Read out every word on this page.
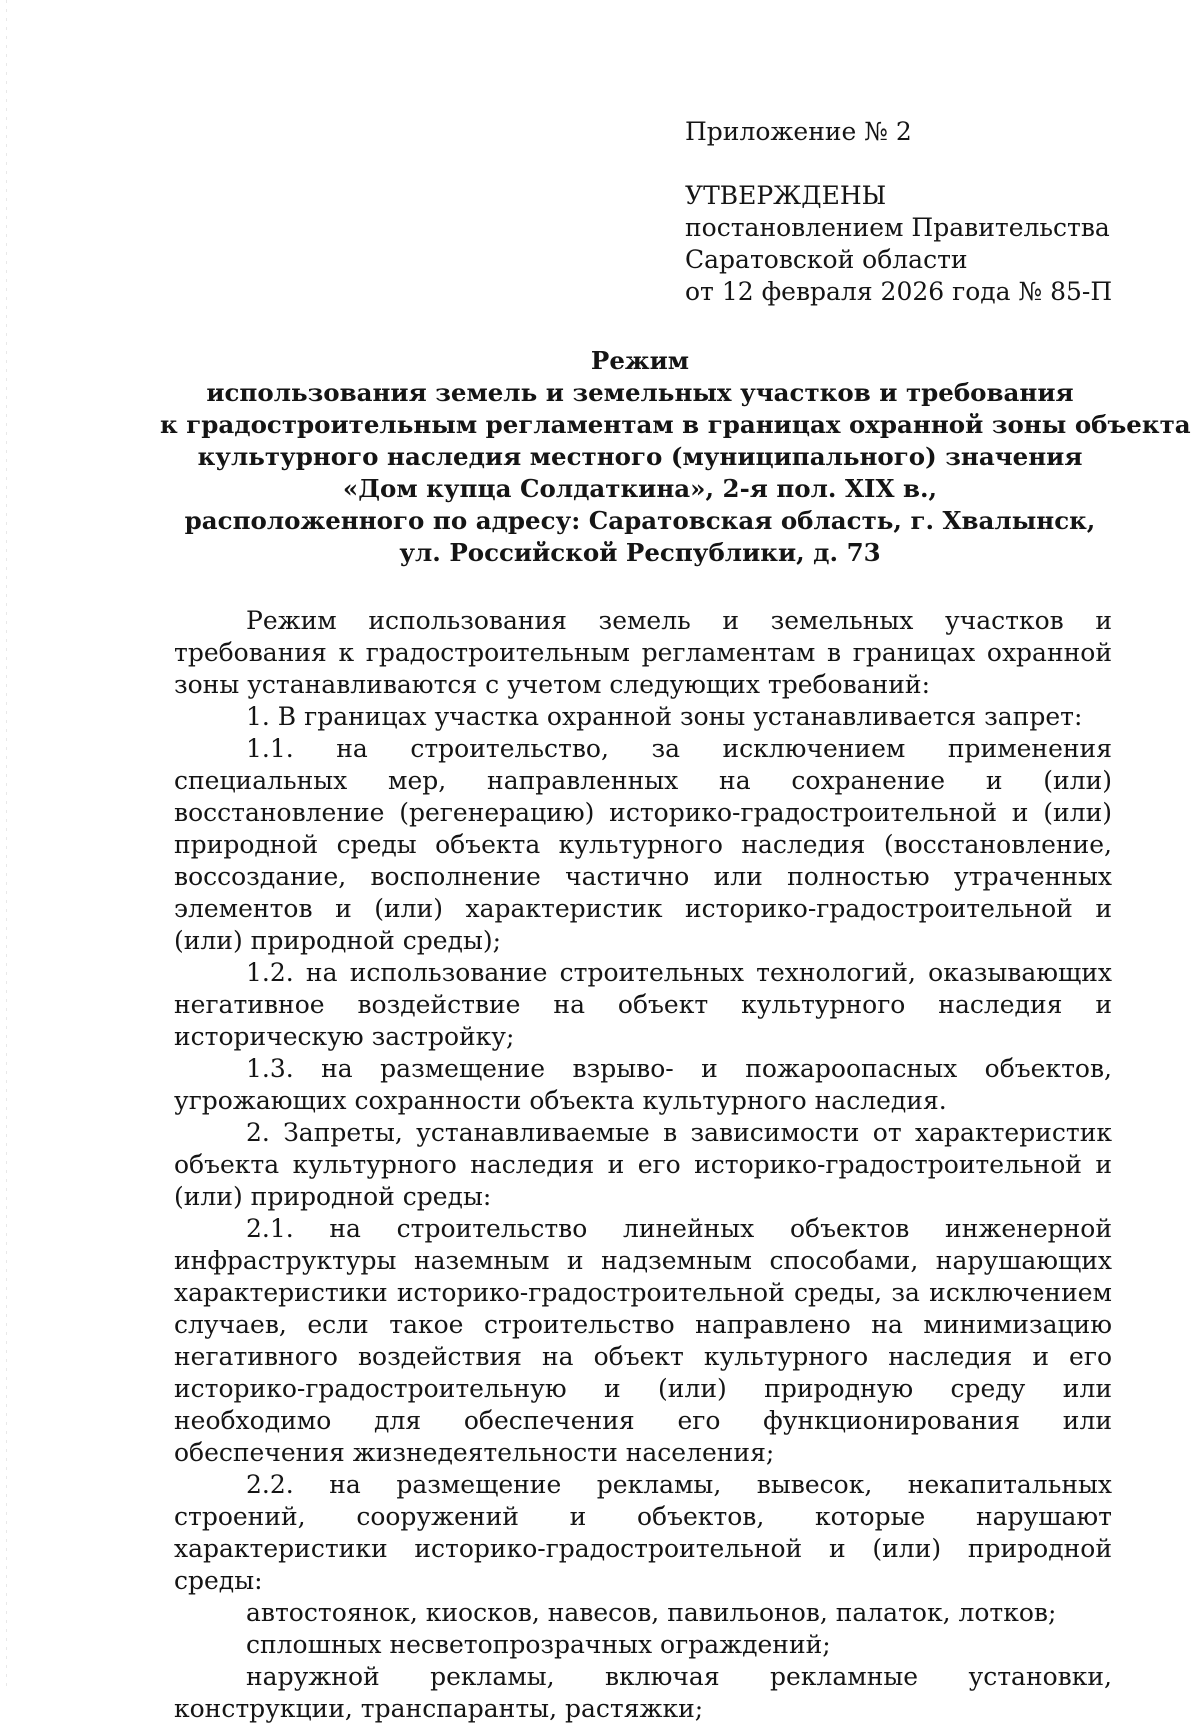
Приложение № 2
УТВЕРЖДЕНЫ
постановлением Правительства
Саратовской области
от 12 февраля 2026 года № 85-П
Режим
использования земель и земельных участков и требования
к градостроительным регламентам в границах охранной зоны объекта
культурного наследия местного (муниципального) значения
«Дом купца Солдаткина», 2-я пол. XIX в.,
расположенного по адресу: Саратовская область, г. Хвалынск,
ул. Российской Республики, д. 73

Режим использования земель и земельных участков и требования к градостроительным регламентам в границах охранной зоны устанавливаются с учетом следующих требований:

1. В границах участка охранной зоны устанавливается запрет:

1.1. на строительство, за исключением применения специальных мер, направленных на сохранение и (или) восстановление (регенерацию) историко-градостроительной и (или) природной среды объекта культурного наследия (восстановление, воссоздание, восполнение частично или полностью утраченных элементов и (или) характеристик историко-градостроительной и (или) природной среды);

1.2. на использование строительных технологий, оказывающих негативное воздействие на объект культурного наследия и историческую застройку;

1.3. на размещение взрыво- и пожароопасных объектов, угрожающих сохранности объекта культурного наследия.

2. Запреты, устанавливаемые в зависимости от характеристик объекта культурного наследия и его историко-градостроительной и (или) природной среды:

2.1. на строительство линейных объектов инженерной инфраструктуры наземным и надземным способами, нарушающих характеристики историко-градостроительной среды, за исключением случаев, если такое строительство направлено на минимизацию негативного воздействия на объект культурного наследия и его историко-градостроительную и (или) природную среду или необходимо для обеспечения его функционирования или обеспечения жизнедеятельности населения;

2.2. на размещение рекламы, вывесок, некапитальных строений, сооружений и объектов, которые нарушают характеристики историко-градостроительной и (или) природной среды:

автостоянок, киосков, навесов, павильонов, палаток, лотков;

сплошных несветопрозрачных ограждений;

наружной рекламы, включая рекламные установки, конструкции, транспаранты, растяжки;
